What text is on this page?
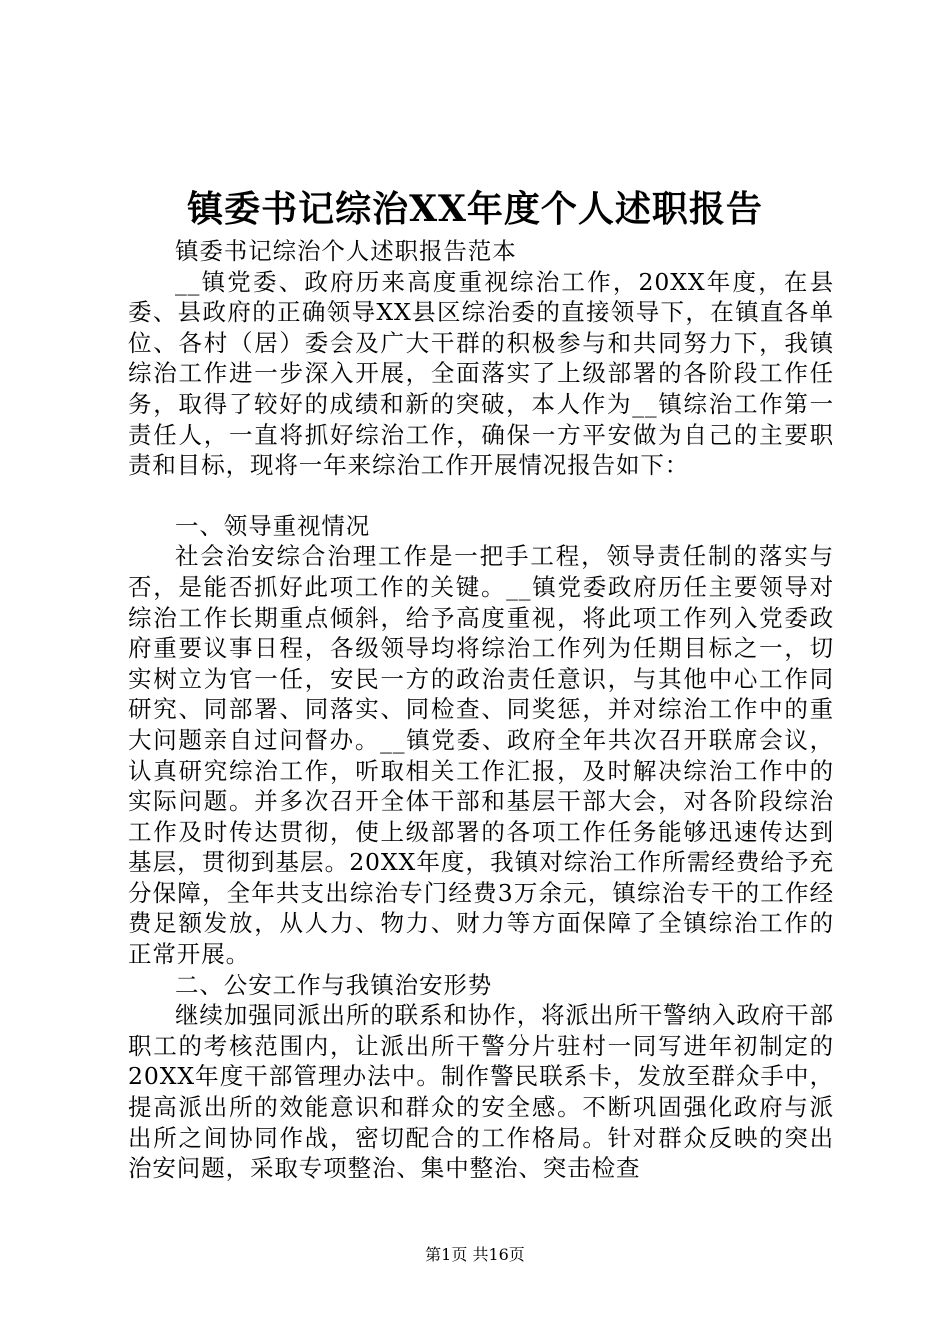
镇委书记综治XX年度个人述职报告

镇委书记综治个人述职报告范本

__镇党委、政府历来高度重视综治工作，20XX年度，在县委、县政府的正确领导XX县区综治委的直接领导下，在镇直各单位、各村（居）委会及广大干群的积极参与和共同努力下，我镇综治工作进一步深入开展，全面落实了上级部署的各阶段工作任务，取得了较好的成绩和新的突破，本人作为__镇综治工作第一责任人，一直将抓好综治工作，确保一方平安做为自己的主要职责和目标，现将一年来综治工作开展情况报告如下：

一、领导重视情况

社会治安综合治理工作是一把手工程，领导责任制的落实与否，是能否抓好此项工作的关键。__镇党委政府历任主要领导对综治工作长期重点倾斜，给予高度重视，将此项工作列入党委政府重要议事日程，各级领导均将综治工作列为任期目标之一，切实树立为官一任，安民一方的政治责任意识，与其他中心工作同研究、同部署、同落实、同检查、同奖惩，并对综治工作中的重大问题亲自过问督办。__镇党委、政府全年共次召开联席会议，认真研究综治工作，听取相关工作汇报，及时解决综治工作中的实际问题。并多次召开全体干部和基层干部大会，对各阶段综治工作及时传达贯彻，使上级部署的各项工作任务能够迅速传达到基层，贯彻到基层。20XX年度，我镇对综治工作所需经费给予充分保障，全年共支出综治专门经费3万余元，镇综治专干的工作经费足额发放，从人力、物力、财力等方面保障了全镇综治工作的正常开展。

二、公安工作与我镇治安形势

继续加强同派出所的联系和协作，将派出所干警纳入政府干部职工的考核范围内，让派出所干警分片驻村一同写进年初制定的20XX年度干部管理办法中。制作警民联系卡，发放至群众手中，提高派出所的效能意识和群众的安全感。不断巩固强化政府与派出所之间协同作战，密切配合的工作格局。针对群众反映的突出治安问题，采取专项整治、集中整治、突击检查

第1页 共16页
